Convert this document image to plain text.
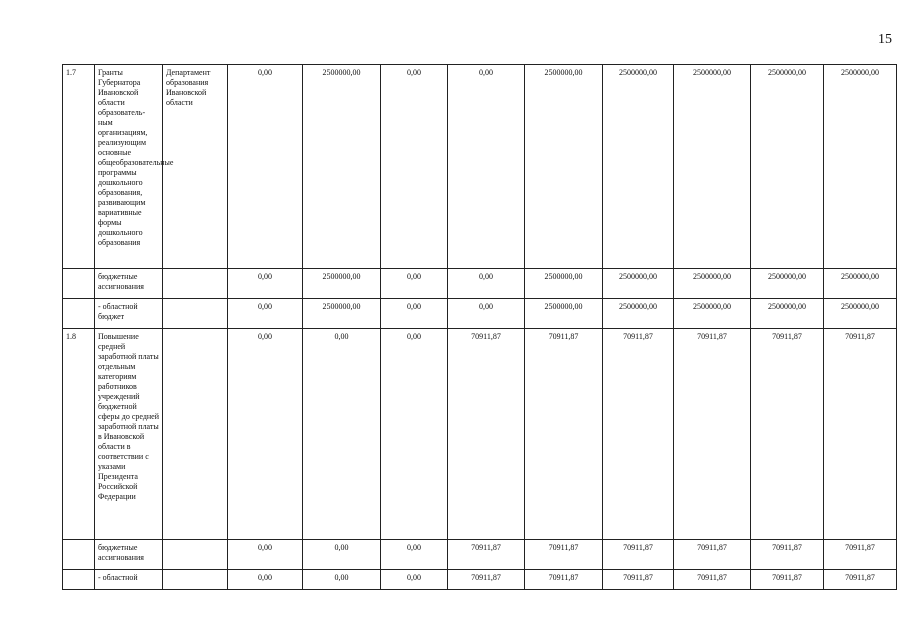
15
1.7	Гранты Губернатора Ивановской области образователь-ным организациям, реализующим основные общеобразовательные программы дошкольного образования, развивающим вариативные формы дошкольного образования	Департамент образования Ивановской области	0,00	2500000,00	0,00	0,00	2500000,00	2500000,00	2500000,00	2500000,00	2500000,00
	бюджетные ассигнования		0,00	2500000,00	0,00	0,00	2500000,00	2500000,00	2500000,00	2500000,00	2500000,00
	- областной бюджет		0,00	2500000,00	0,00	0,00	2500000,00	2500000,00	2500000,00	2500000,00	2500000,00
1.8	Повышение средней заработной платы отдельным категориям работников учреждений бюджетной сферы до средней заработной платы в Ивановской области в соответствии с указами Президента Российской Федерации		0,00	0,00	0,00	70911,87	70911,87	70911,87	70911,87	70911,87	70911,87
	бюджетные ассигнования		0,00	0,00	0,00	70911,87	70911,87	70911,87	70911,87	70911,87	70911,87
	- областной		0,00	0,00	0,00	70911,87	70911,87	70911,87	70911,87	70911,87	70911,87
